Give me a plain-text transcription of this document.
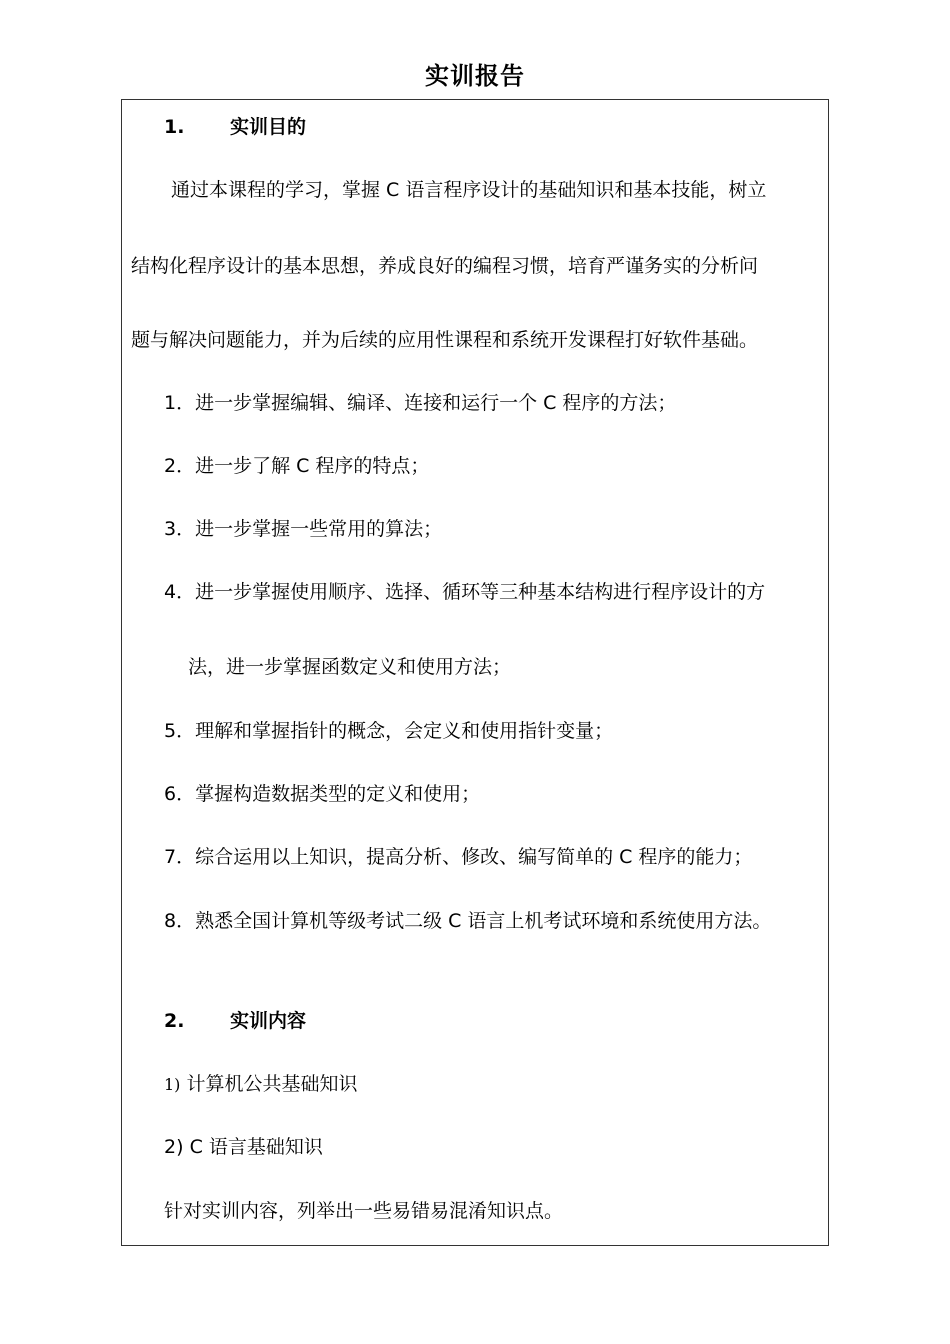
实训报告
1. 实训目的
通过本课程的学习，掌握 C 语言程序设计的基础知识和基本技能，树立
结构化程序设计的基本思想，养成良好的编程习惯，培育严谨务实的分析问
题与解决问题能力，并为后续的应用性课程和系统开发课程打好软件基础。
1．进一步掌握编辑、编译、连接和运行一个 C 程序的方法；
2．进一步了解 C 程序的特点；
3．进一步掌握一些常用的算法；
4．进一步掌握使用顺序、选择、循环等三种基本结构进行程序设计的方
法，进一步掌握函数定义和使用方法；
5．理解和掌握指针的概念，会定义和使用指针变量；
6．掌握构造数据类型的定义和使用；
7．综合运用以上知识，提高分析、修改、编写简单的 C 程序的能力；
8．熟悉全国计算机等级考试二级 C 语言上机考试环境和系统使用方法。
2. 实训内容
1) 计算机公共基础知识
2) C 语言基础知识
针对实训内容，列举出一些易错易混淆知识点。
